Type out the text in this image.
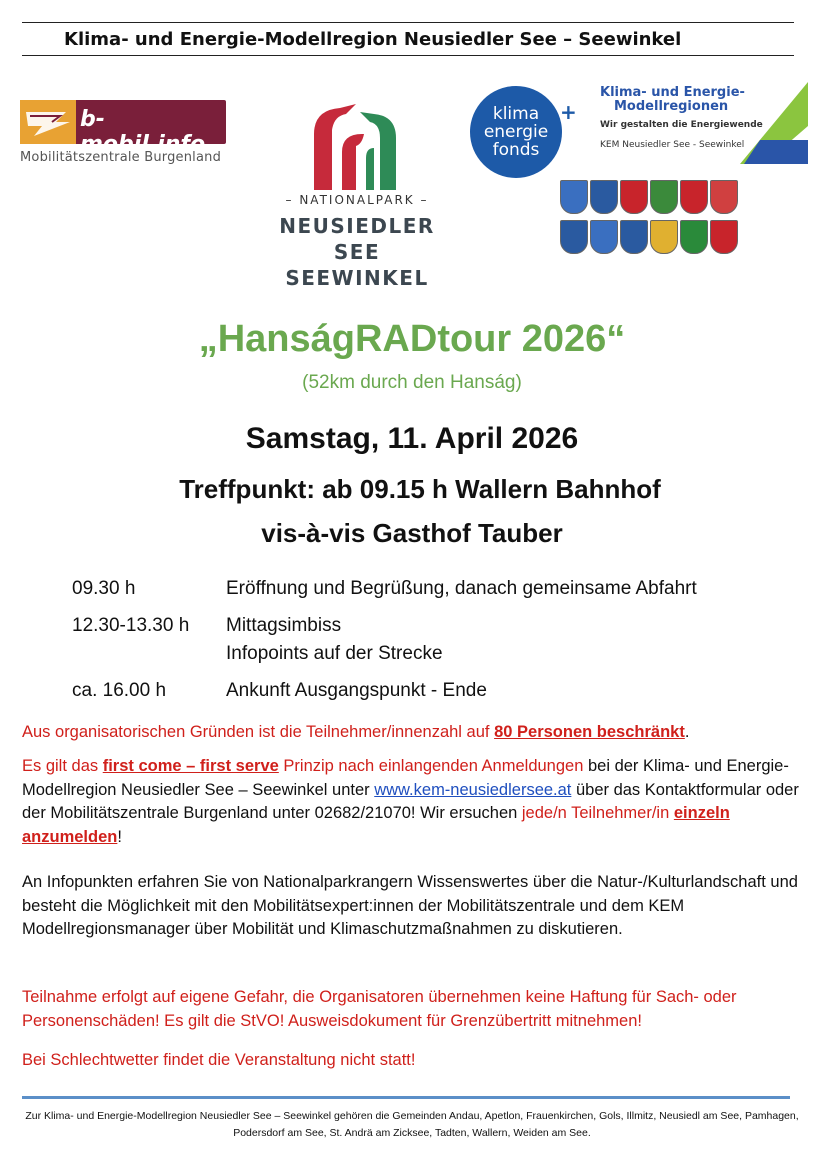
Klima- und Energie-Modellregion Neusiedler See – Seewinkel
b-mobil.info
Mobilitätszentrale Burgenland
– NATIONALPARK –
NEUSIEDLER SEE
SEEWINKEL
klima
energie
fonds
+
Klima- und Energie-
Modellregionen
Wir gestalten die Energiewende
KEM Neusiedler See - Seewinkel
„HanságRADtour 2026“
(52km durch den Hanság)
Samstag, 11. April 2026
Treffpunkt: ab 09.15 h Wallern Bahnhof
vis-à-vis Gasthof Tauber
09.30 h	Eröffnung und Begrüßung, danach gemeinsame Abfahrt
12.30-13.30 h Mittagsimbiss
Infopoints auf der Strecke
ca. 16.00 h	Ankunft Ausgangspunkt - Ende
Aus organisatorischen Gründen ist die Teilnehmer/innenzahl auf 80 Personen beschränkt.
Es gilt das first come – first serve Prinzip nach einlangenden Anmeldungen bei der Klima- und Energie-Modellregion Neusiedler See – Seewinkel unter www.kem-neusiedlersee.at über das Kontaktformular oder der Mobilitätszentrale Burgenland unter 02682/21070! Wir ersuchen jede/n Teilnehmer/in einzeln anzumelden!
An Infopunkten erfahren Sie von Nationalparkrangern Wissenswertes über die Natur-/Kulturlandschaft und besteht die Möglichkeit mit den Mobilitätsexpert:innen der Mobilitätszentrale und dem KEM Modellregionsmanager über Mobilität und Klimaschutzmaßnahmen zu diskutieren.
Teilnahme erfolgt auf eigene Gefahr, die Organisatoren übernehmen keine Haftung für Sach- oder Personenschäden! Es gilt die StVO! Ausweisdokument für Grenzübertritt mitnehmen!
Bei Schlechtwetter findet die Veranstaltung nicht statt!
Zur Klima- und Energie-Modellregion Neusiedler See – Seewinkel gehören die Gemeinden Andau, Apetlon, Frauenkirchen, Gols, Illmitz, Neusiedl am See, Pamhagen, Podersdorf am See, St. Andrä am Zicksee, Tadten, Wallern, Weiden am See.
